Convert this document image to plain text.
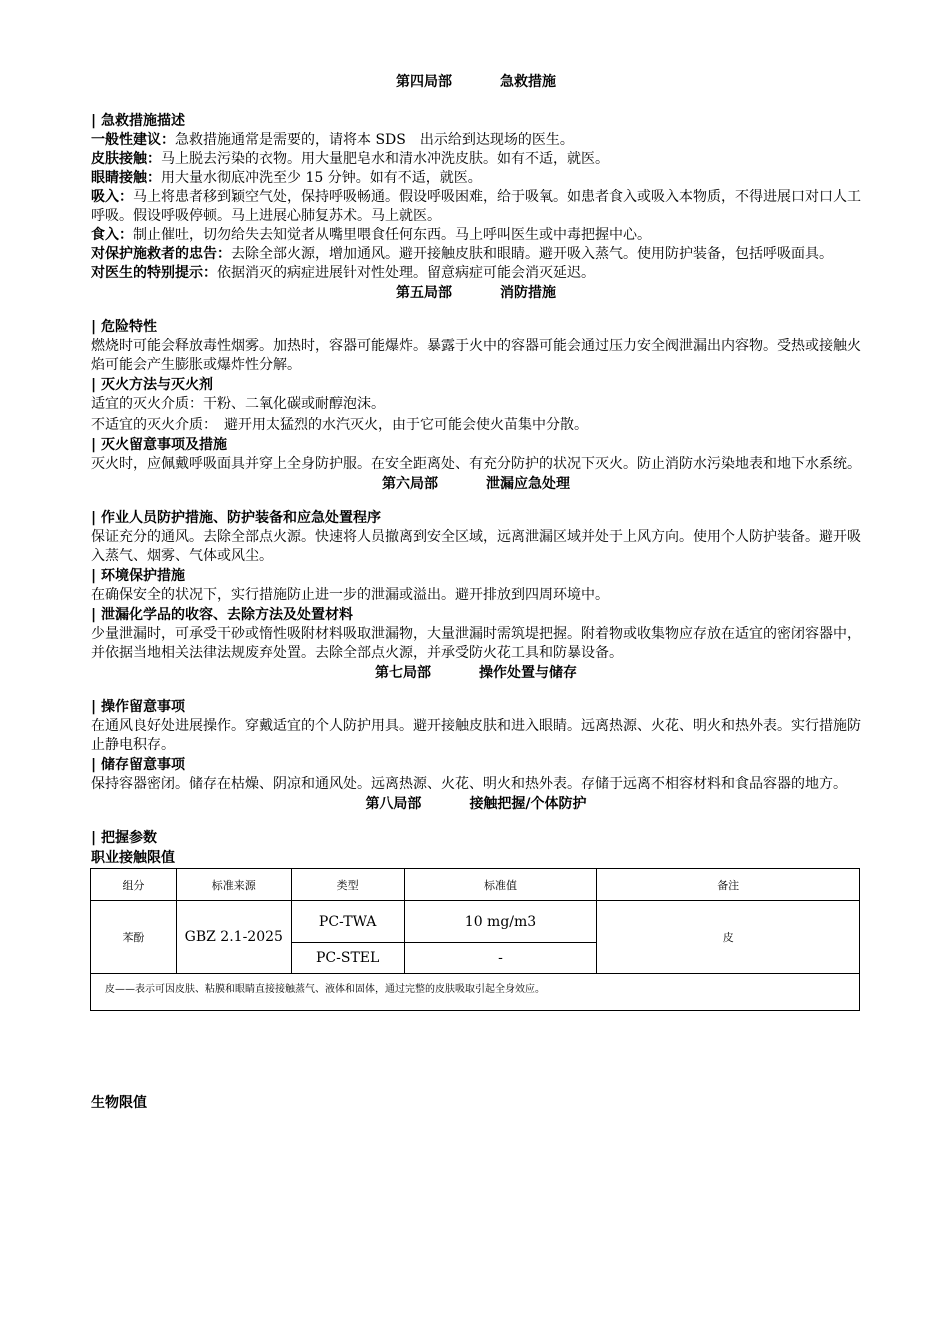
第四局部	急救措施

| 急救措施描述

一般性建议：急救措施通常是需要的，请将本 SDS　出示给到达现场的医生。

皮肤接触：马上脱去污染的衣物。用大量肥皂水和清水冲洗皮肤。如有不适，就医。

眼睛接触：用大量水彻底冲洗至少 15 分钟。如有不适，就医。

吸入：马上将患者移到颖空气处，保持呼吸畅通。假设呼吸困难，给于吸氧。如患者食入或吸入本物质，不得进展口对口人工呼吸。假设呼吸停顿。马上进展心肺复苏术。马上就医。

食入：制止催吐，切勿给失去知觉者从嘴里喂食任何东西。马上呼叫医生或中毒把握中心。

对保护施救者的忠告：去除全部火源，增加通风。避开接触皮肤和眼睛。避开吸入蒸气。使用防护装备，包括呼吸面具。

对医生的特别提示：依据消灭的病症进展针对性处理。留意病症可能会消灭延迟。

第五局部	消防措施

| 危险特性

燃烧时可能会释放毒性烟雾。加热时，容器可能爆炸。暴露于火中的容器可能会通过压力安全阀泄漏出内容物。受热或接触火焰可能会产生膨胀或爆炸性分解。

| 灭火方法与灭火剂

适宜的灭火介质：干粉、二氧化碳或耐醇泡沫。

不适宜的灭火介质：　避开用太猛烈的水汽灭火，由于它可能会使火苗集中分散。

| 灭火留意事项及措施

灭火时，应佩戴呼吸面具并穿上全身防护服。在安全距离处、有充分防护的状况下灭火。防止消防水污染地表和地下水系统。

第六局部	泄漏应急处理

| 作业人员防护措施、防护装备和应急处置程序

保证充分的通风。去除全部点火源。快速将人员撤离到安全区域，远离泄漏区域并处于上风方向。使用个人防护装备。避开吸入蒸气、烟雾、气体或风尘。

| 环境保护措施

在确保安全的状况下，实行措施防止进一步的泄漏或溢出。避开排放到四周环境中。

| 泄漏化学品的收容、去除方法及处置材料

少量泄漏时，可承受干砂或惰性吸附材料吸取泄漏物，大量泄漏时需筑堤把握。附着物或收集物应存放在适宜的密闭容器中，并依据当地相关法律法规废弃处置。去除全部点火源，并承受防火花工具和防暴设备。

第七局部	操作处置与储存

| 操作留意事项

在通风良好处进展操作。穿戴适宜的个人防护用具。避开接触皮肤和进入眼睛。远离热源、火花、明火和热外表。实行措施防止静电积存。

| 储存留意事项

保持容器密闭。储存在枯燥、阴凉和通风处。远离热源、火花、明火和热外表。存储于远离不相容材料和食品容器的地方。

第八局部	接触把握/个体防护

| 把握参数

职业接触限值

组分	标准来源	类型	标准值	备注
苯酚	GBZ 2.1-2025	PC-TWA	10 mg/m3	皮
		PC-STEL	-	
皮——表示可因皮肤、粘膜和眼睛直接接触蒸气、液体和固体，通过完整的皮肤吸取引起全身效应。				
生物限值
